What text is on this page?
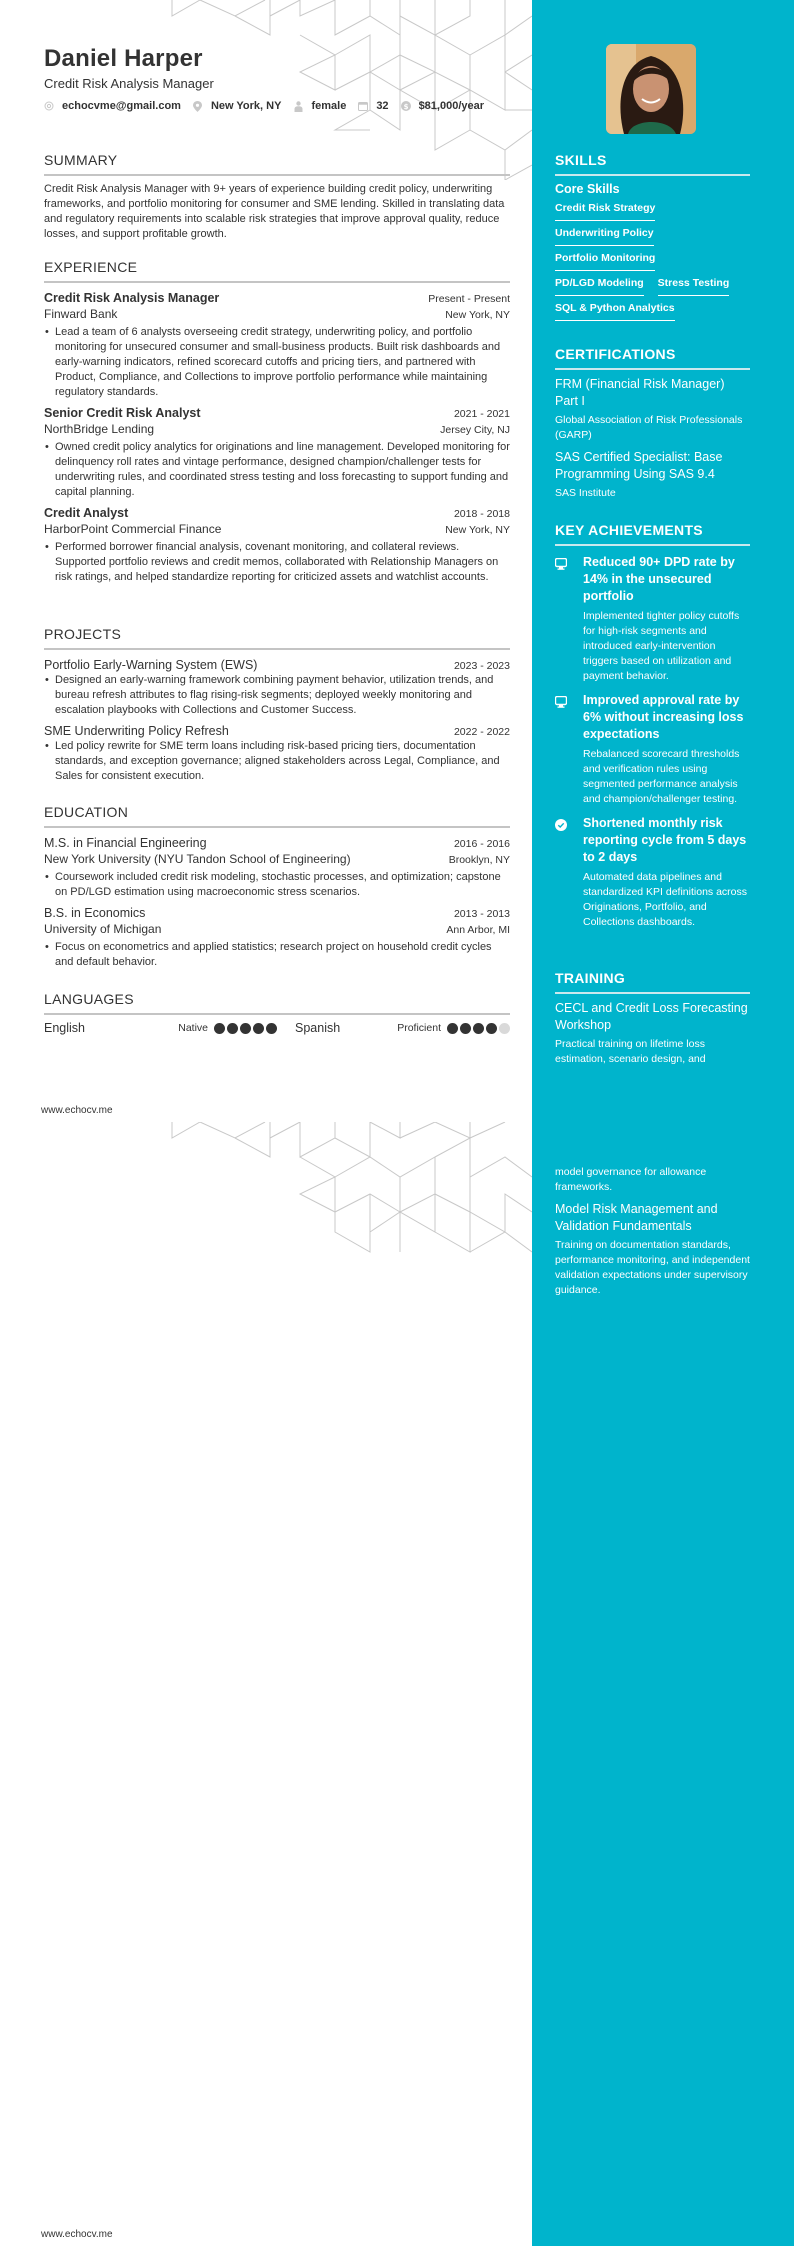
Daniel Harper
Credit Risk Analysis Manager
echocvme@gmail.com	New York, NY	female	32 $ $81,000/year
SUMMARY
Credit Risk Analysis Manager with 9+ years of experience building credit policy, underwriting frameworks, and portfolio monitoring for consumer and SME lending. Skilled in translating data and regulatory requirements into scalable risk strategies that improve approval quality, reduce losses, and support profitable growth.
EXPERIENCE
Credit Risk Analysis Manager	Present - Present
Finward Bank	New York, NY
• Lead a team of 6 analysts overseeing credit strategy, underwriting policy, and portfolio monitoring for unsecured consumer and small-business products. Built risk dashboards and early-warning indicators, refined scorecard cutoffs and pricing tiers, and partnered with Product, Compliance, and Collections to improve portfolio performance while maintaining regulatory standards.
Senior Credit Risk Analyst	2021 - 2021
NorthBridge Lending	Jersey City, NJ
• Owned credit policy analytics for originations and line management. Developed monitoring for delinquency roll rates and vintage performance, designed champion/challenger tests for underwriting rules, and coordinated stress testing and loss forecasting to support funding and capital planning.
Credit Analyst	2018 - 2018
HarborPoint Commercial Finance	New York, NY
• Performed borrower financial analysis, covenant monitoring, and collateral reviews. Supported portfolio reviews and credit memos, collaborated with Relationship Managers on risk ratings, and helped standardize reporting for criticized assets and watchlist accounts.
PROJECTS
Portfolio Early-Warning System (EWS)	2023 - 2023
• Designed an early-warning framework combining payment behavior, utilization trends, and bureau refresh attributes to flag rising-risk segments; deployed weekly monitoring and escalation playbooks with Collections and Customer Success.
SME Underwriting Policy Refresh	2022 - 2022
• Led policy rewrite for SME term loans including risk-based pricing tiers, documentation standards, and exception governance; aligned stakeholders across Legal, Compliance, and Sales for consistent execution.
EDUCATION
M.S. in Financial Engineering	2016 - 2016
New York University (NYU Tandon School of Engineering)	Brooklyn, NY
• Coursework included credit risk modeling, stochastic processes, and optimization; capstone on PD/LGD estimation using macroeconomic stress scenarios.
B.S. in Economics	2013 - 2013
University of Michigan	Ann Arbor, MI
• Focus on econometrics and applied statistics; research project on household credit cycles and default behavior.
LANGUAGES
English	Native	Spanish	Proficient
www.echocv.me
www.echocv.me
SKILLS
Core Skills
Credit Risk Strategy
Underwriting Policy
Portfolio Monitoring
PD/LGD Modeling Stress Testing
SQL & Python Analytics
CERTIFICATIONS
FRM (Financial Risk Manager) Part I
Global Association of Risk Professionals (GARP)
SAS Certified Specialist: Base Programming Using SAS 9.4
SAS Institute
KEY ACHIEVEMENTS
Reduced 90+ DPD rate by 14% in the unsecured portfolio
Implemented tighter policy cutoffs for high-risk segments and introduced early-intervention triggers based on utilization and payment behavior.
Improved approval rate by 6% without increasing loss expectations
Rebalanced scorecard thresholds and verification rules using segmented performance analysis and champion/challenger testing.
Shortened monthly risk reporting cycle from 5 days to 2 days
Automated data pipelines and standardized KPI definitions across Originations, Portfolio, and Collections dashboards.
TRAINING
CECL and Credit Loss Forecasting Workshop
Practical training on lifetime loss estimation, scenario design, and
model governance for allowance frameworks.
Model Risk Management and Validation Fundamentals
Training on documentation standards, performance monitoring, and independent validation expectations under supervisory guidance.
